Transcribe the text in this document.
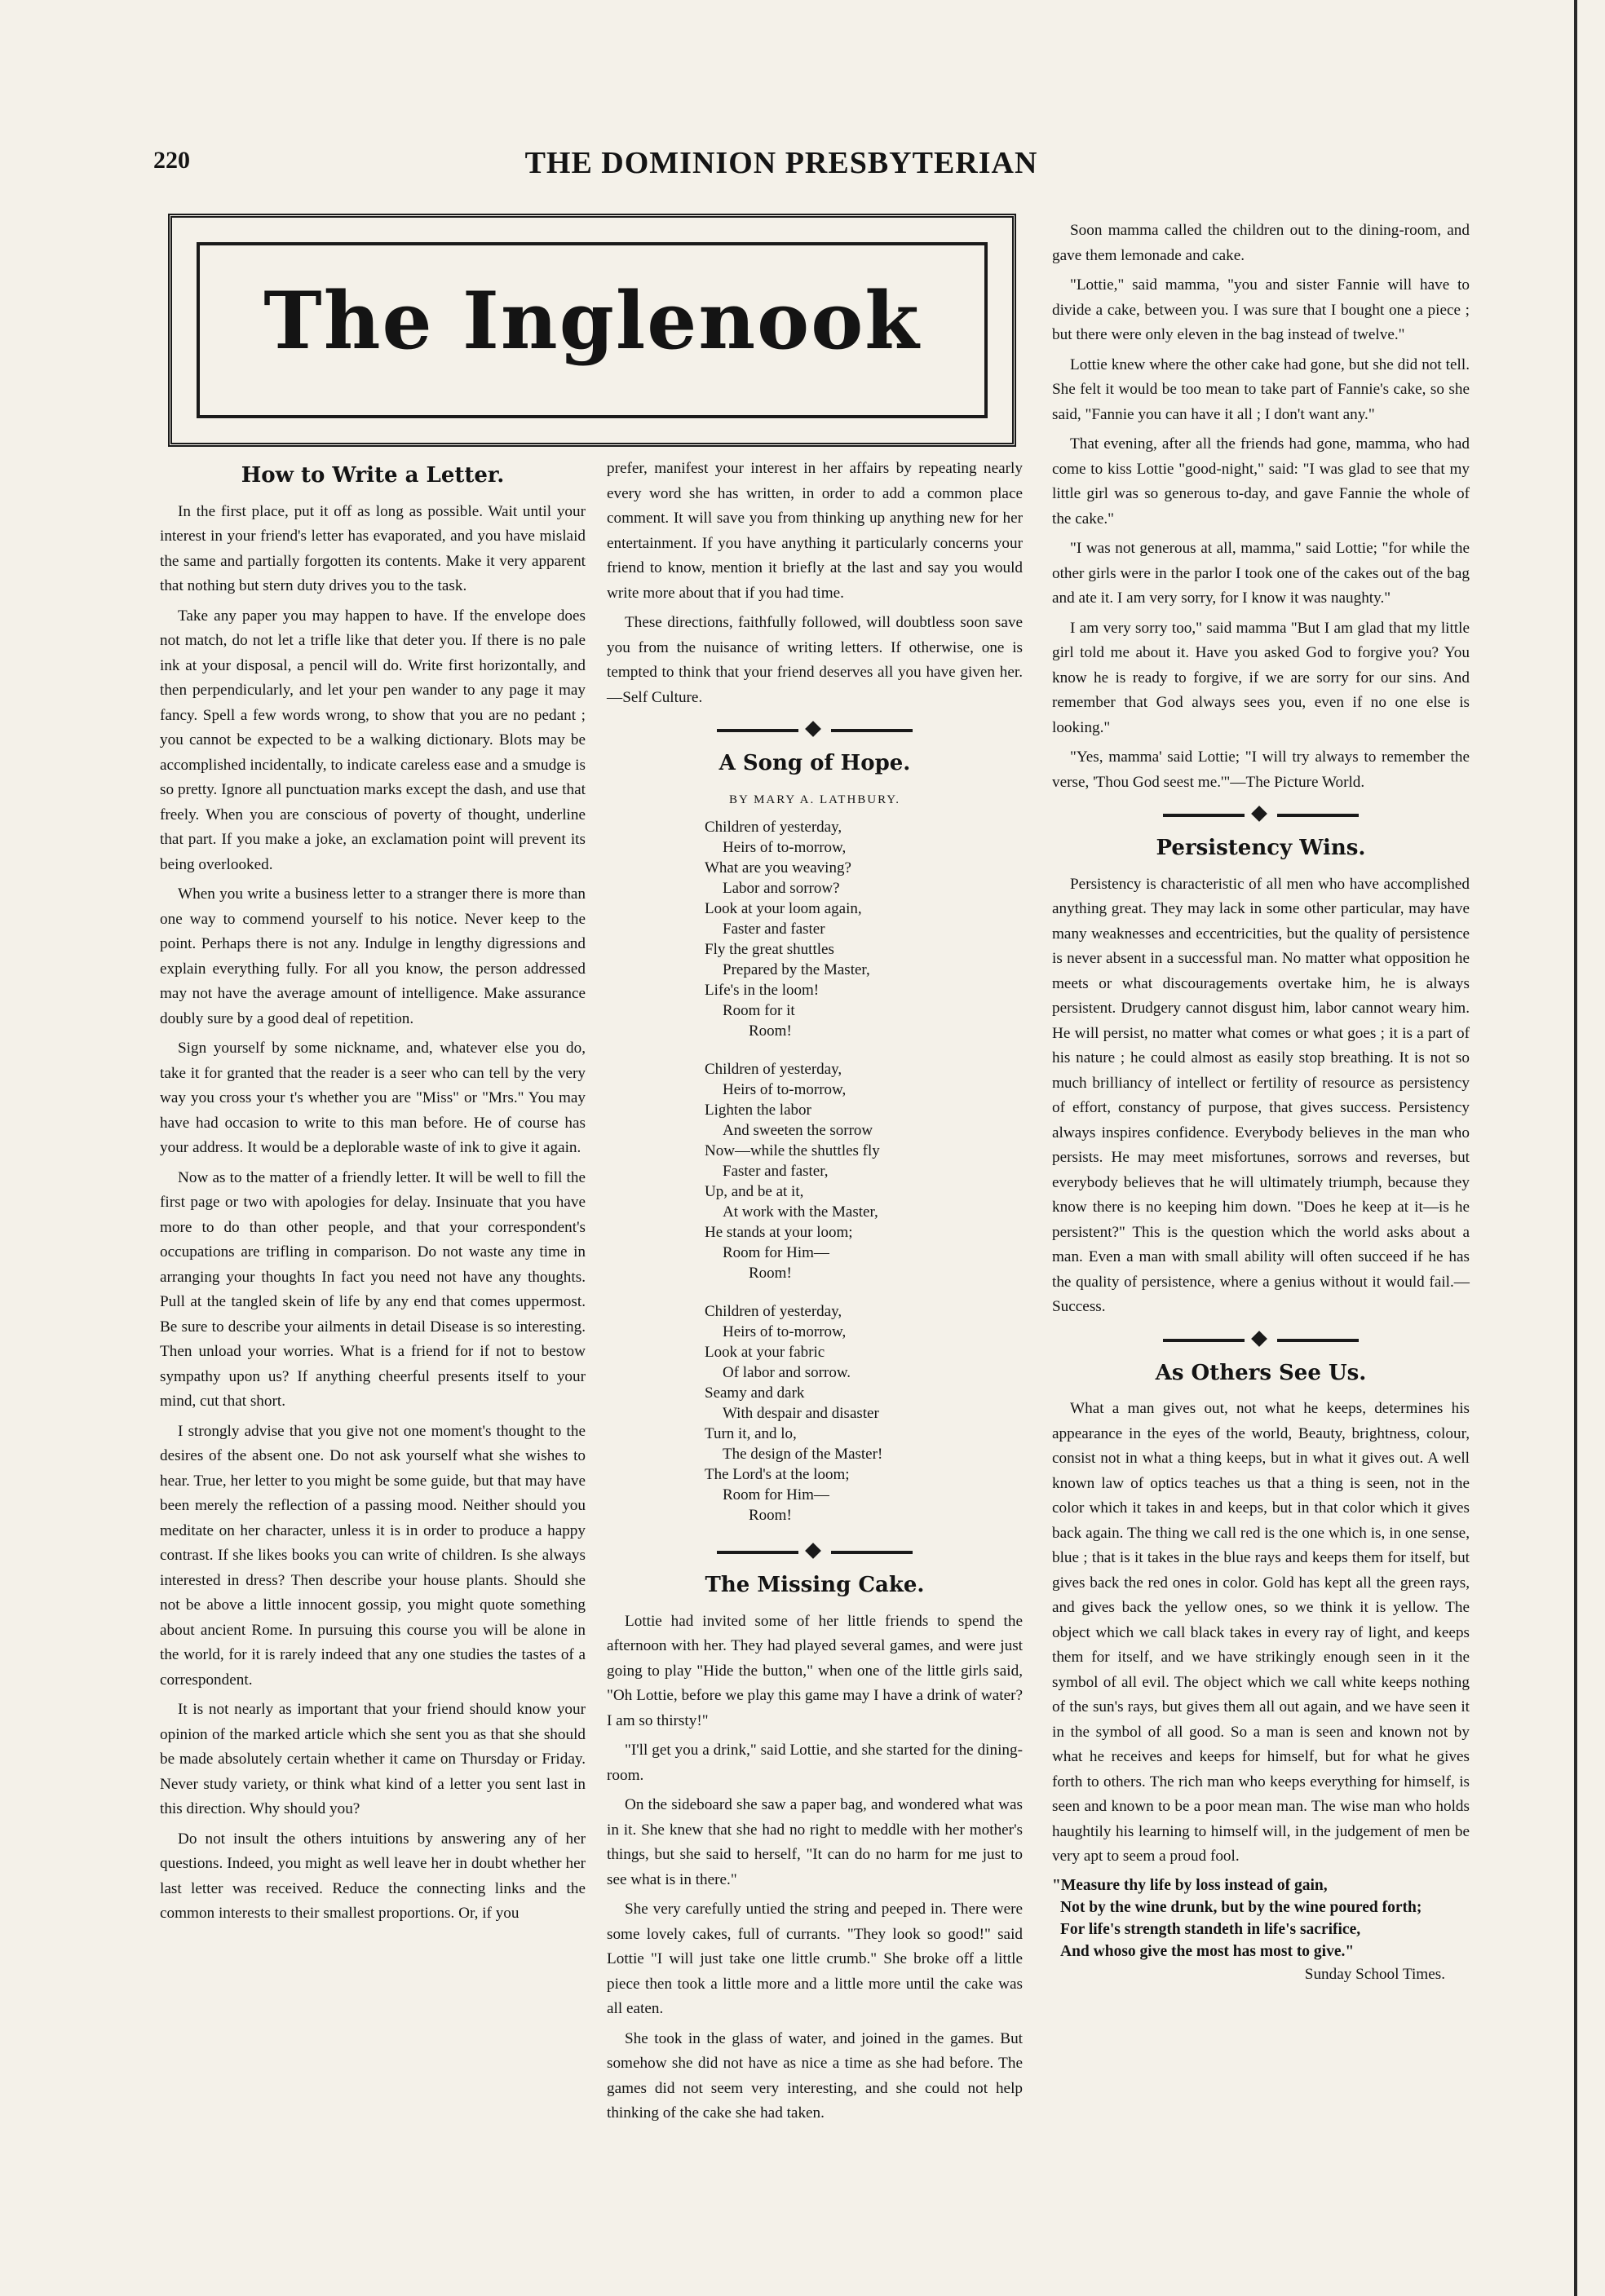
220	THE DOMINION PRESBYTERIAN
The Inglenook
How to Write a Letter.

In the first place, put it off as long as possible. Wait until your interest in your friend's letter has evaporated, and you have mislaid the same and partially forgotten its contents. Make it very apparent that nothing but stern duty drives you to the task.

Take any paper you may happen to have. If the envelope does not match, do not let a trifle like that deter you. If there is no pale ink at your disposal, a pencil will do. Write first horizontally, and then perpendicularly, and let your pen wander to any page it may fancy. Spell a few words wrong, to show that you are no pedant ; you cannot be expected to be a walking dictionary. Blots may be accomplished incidentally, to indicate careless ease and a smudge is so pretty. Ignore all punctuation marks except the dash, and use that freely. When you are conscious of poverty of thought, underline that part. If you make a joke, an exclamation point will prevent its being overlooked.

When you write a business letter to a stranger there is more than one way to commend yourself to his notice. Never keep to the point. Perhaps there is not any. Indulge in lengthy digressions and explain everything fully. For all you know, the person addressed may not have the average amount of intelligence. Make assurance doubly sure by a good deal of repetition.

Sign yourself by some nickname, and, whatever else you do, take it for granted that the reader is a seer who can tell by the very way you cross your t's whether you are "Miss" or "Mrs." You may have had occasion to write to this man before. He of course has your address. It would be a deplorable waste of ink to give it again.

Now as to the matter of a friendly letter. It will be well to fill the first page or two with apologies for delay. Insinuate that you have more to do than other people, and that your correspondent's occupations are trifling in comparison. Do not waste any time in arranging your thoughts In fact you need not have any thoughts. Pull at the tangled skein of life by any end that comes uppermost. Be sure to describe your ailments in detail Disease is so interesting. Then unload your worries. What is a friend for if not to bestow sympathy upon us? If anything cheerful presents itself to your mind, cut that short.

I strongly advise that you give not one moment's thought to the desires of the absent one. Do not ask yourself what she wishes to hear. True, her letter to you might be some guide, but that may have been merely the reflection of a passing mood. Neither should you meditate on her character, unless it is in order to produce a happy contrast. If she likes books you can write of children. Is she always interested in dress? Then describe your house plants. Should she not be above a little innocent gossip, you might quote something about ancient Rome. In pursuing this course you will be alone in the world, for it is rarely indeed that any one studies the tastes of a correspondent.

It is not nearly as important that your friend should know your opinion of the marked article which she sent you as that she should be made absolutely certain whether it came on Thursday or Friday. Never study variety, or think what kind of a letter you sent last in this direction. Why should you?

Do not insult the others intuitions by answering any of her questions. Indeed, you might as well leave her in doubt whether her last letter was received. Reduce the connecting links and the common interests to their smallest proportions. Or, if you

prefer, manifest your interest in her affairs by repeating nearly every word she has written, in order to add a common place comment. It will save you from thinking up anything new for her entertainment. If you have anything it particularly concerns your friend to know, mention it briefly at the last and say you would write more about that if you had time.

These directions, faithfully followed, will doubtless soon save you from the nuisance of writing letters. If otherwise, one is tempted to think that your friend deserves all you have given her.—Self Culture.

A Song of Hope.
BY MARY A. LATHBURY.
Children of yesterday,
Heirs of to-morrow,
What are you weaving?
Labor and sorrow?
Look at your loom again,
Faster and faster
Fly the great shuttles
Prepared by the Master,
Life's in the loom!
Room for it
Room!
Children of yesterday,
Heirs of to-morrow,
Lighten the labor
And sweeten the sorrow
Now—while the shuttles fly
Faster and faster,
Up, and be at it,
At work with the Master,
He stands at your loom;
Room for Him—
Room!
Children of yesterday,
Heirs of to-morrow,
Look at your fabric
Of labor and sorrow.
Seamy and dark
With despair and disaster
Turn it, and lo,
The design of the Master!
The Lord's at the loom;
Room for Him—
Room!
The Missing Cake.

Lottie had invited some of her little friends to spend the afternoon with her. They had played several games, and were just going to play "Hide the button," when one of the little girls said, "Oh Lottie, before we play this game may I have a drink of water? I am so thirsty!"

"I'll get you a drink," said Lottie, and she started for the dining-room.

On the sideboard she saw a paper bag, and wondered what was in it. She knew that she had no right to meddle with her mother's things, but she said to herself, "It can do no harm for me just to see what is in there."

She very carefully untied the string and peeped in. There were some lovely cakes, full of currants. "They look so good!" said Lottie "I will just take one little crumb." She broke off a little piece then took a little more and a little more until the cake was all eaten.

She took in the glass of water, and joined in the games. But somehow she did not have as nice a time as she had before. The games did not seem very interesting, and she could not help thinking of the cake she had taken.

Soon mamma called the children out to the dining-room, and gave them lemonade and cake.

"Lottie," said mamma, "you and sister Fannie will have to divide a cake, between you. I was sure that I bought one a piece ; but there were only eleven in the bag instead of twelve."

Lottie knew where the other cake had gone, but she did not tell. She felt it would be too mean to take part of Fannie's cake, so she said, "Fannie you can have it all ; I don't want any."

That evening, after all the friends had gone, mamma, who had come to kiss Lottie "good-night," said: "I was glad to see that my little girl was so generous to-day, and gave Fannie the whole of the cake."

"I was not generous at all, mamma," said Lottie; "for while the other girls were in the parlor I took one of the cakes out of the bag and ate it. I am very sorry, for I know it was naughty."

I am very sorry too," said mamma "But I am glad that my little girl told me about it. Have you asked God to forgive you? You know he is ready to forgive, if we are sorry for our sins. And remember that God always sees you, even if no one else is looking."

"Yes, mamma' said Lottie; "I will try always to remember the verse, 'Thou God seest me.'"—The Picture World.

Persistency Wins.

Persistency is characteristic of all men who have accomplished anything great. They may lack in some other particular, may have many weaknesses and eccentricities, but the quality of persistence is never absent in a successful man. No matter what opposition he meets or what discouragements overtake him, he is always persistent. Drudgery cannot disgust him, labor cannot weary him. He will persist, no matter what comes or what goes ; it is a part of his nature ; he could almost as easily stop breathing. It is not so much brilliancy of intellect or fertility of resource as persistency of effort, constancy of purpose, that gives success. Persistency always inspires confidence. Everybody believes in the man who persists. He may meet misfortunes, sorrows and reverses, but everybody believes that he will ultimately triumph, because they know there is no keeping him down. "Does he keep at it—is he persistent?" This is the question which the world asks about a man. Even a man with small ability will often succeed if he has the quality of persistence, where a genius without it would fail.—Success.

As Others See Us.

What a man gives out, not what he keeps, determines his appearance in the eyes of the world, Beauty, brightness, colour, consist not in what a thing keeps, but in what it gives out. A well known law of optics teaches us that a thing is seen, not in the color which it takes in and keeps, but in that color which it gives back again. The thing we call red is the one which is, in one sense, blue ; that is it takes in the blue rays and keeps them for itself, but gives back the red ones in color. Gold has kept all the green rays, and gives back the yellow ones, so we think it is yellow. The object which we call black takes in every ray of light, and keeps them for itself, and we have strikingly enough seen in it the symbol of all evil. The object which we call white keeps nothing of the sun's rays, but gives them all out again, and we have seen it in the symbol of all good. So a man is seen and known not by what he receives and keeps for himself, but for what he gives forth to others. The rich man who keeps everything for himself, is seen and known to be a poor mean man. The wise man who holds haughtily his learning to himself will, in the judgement of men be very apt to seem a proud fool.

"Measure thy life by loss instead of gain,
Not by the wine drunk, but by the wine poured forth;
For life's strength standeth in life's sacrifice,
And whoso give the most has most to give."
Sunday School Times.
